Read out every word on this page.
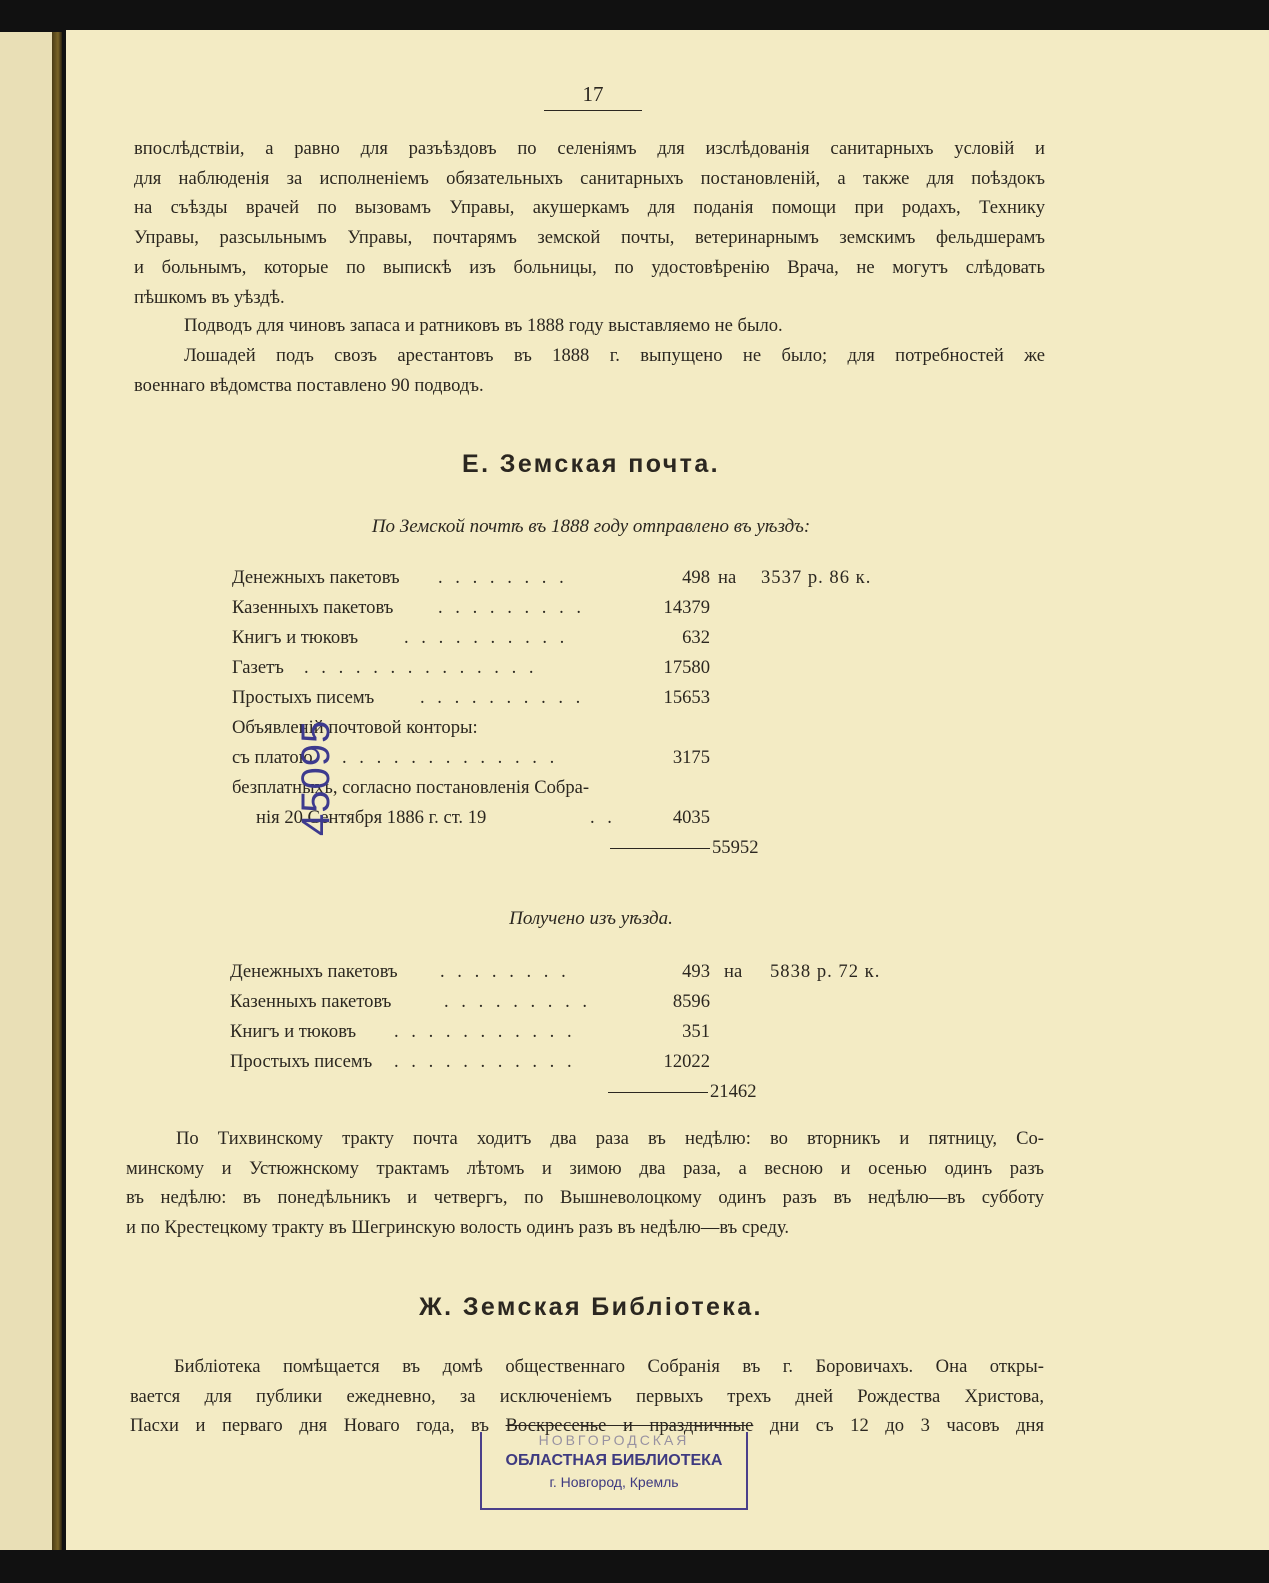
17
впослѣдствіи, а равно для разъѣздовъ по селеніямъ для изслѣдованія санитарныхъ условій и
для наблюденія за исполненіемъ обязательныхъ санитарныхъ постановленій, а также для поѣздокъ
на съѣзды врачей по вызовамъ Управы, акушеркамъ для поданія помощи при родахъ, Технику
Управы, разсыльнымъ Управы, почтарямъ земской почты, ветеринарнымъ земскимъ фельдшерамъ
и больнымъ, которые по выпискѣ изъ больницы, по удостовѣренію Врача, не могутъ слѣдовать
пѣшкомъ въ уѣздѣ.
Подводъ для чиновъ запаса и ратниковъ въ 1888 году выставляемо не было.
Лошадей подъ свозъ арестантовъ въ 1888 г. выпущено не было; для потребностей же
военнаго вѣдомства поставлено 90 подводъ.
Е. Земская почта.
По Земской почтѣ въ 1888 году отправлено въ уѣздъ:
Денежныхъ пакетовъ . . . . . . . .	498 на 3537 р. 86 к.
Казенныхъ пакетовъ . . . . . . . . .	14379
Книгъ и тюковъ . . . . . . . . . .	632
Газетъ . . . . . . . . . . . . . .	17580
Простыхъ писемъ . . . . . . . . . .	15653
Объявленій почтовой конторы:
съ платою . . . . . . . . . . . . .	3175
безплатныхъ, согласно постановленія Собра-
нія 20 Сентября 1886 г. ст. 19	. .	4035
55952
45095
Получено изъ уѣзда.
Денежныхъ пакетовъ . . . . . . . .	493 на 5838 р. 72 к.
Казенныхъ пакетовъ	. . . . . . . . .	8596
Книгъ и тюковъ . . . . . . . . . . .	351
Простыхъ писемъ . . . . . . . . . . .	12022
21462
По Тихвинскому тракту почта ходитъ два раза въ недѣлю: во вторникъ и пятницу, Со-
минскому и Устюжнскому трактамъ лѣтомъ и зимою два раза, а весною и осенью одинъ разъ
въ недѣлю: въ понедѣльникъ и четвергъ, по Вышневолоцкому одинъ разъ въ недѣлю—въ субботу
и по Крестецкому тракту въ Шегринскую волость одинъ разъ въ недѣлю—въ среду.
Ж. Земская Библіотека.
Библіотека помѣщается въ домѣ общественнаго Собранія въ г. Боровичахъ. Она откры-
вается для публики ежедневно, за исключеніемъ первыхъ трехъ дней Рождества Христова,
Пасхи и перваго дня Новаго года, въ Воскресенье и праздничные дни съ 12 до 3 часовъ дня
НОВГОРОДСКАЯ
ОБЛАСТНАЯ БИБЛИОТЕКА
г. Новгород, Кремль
